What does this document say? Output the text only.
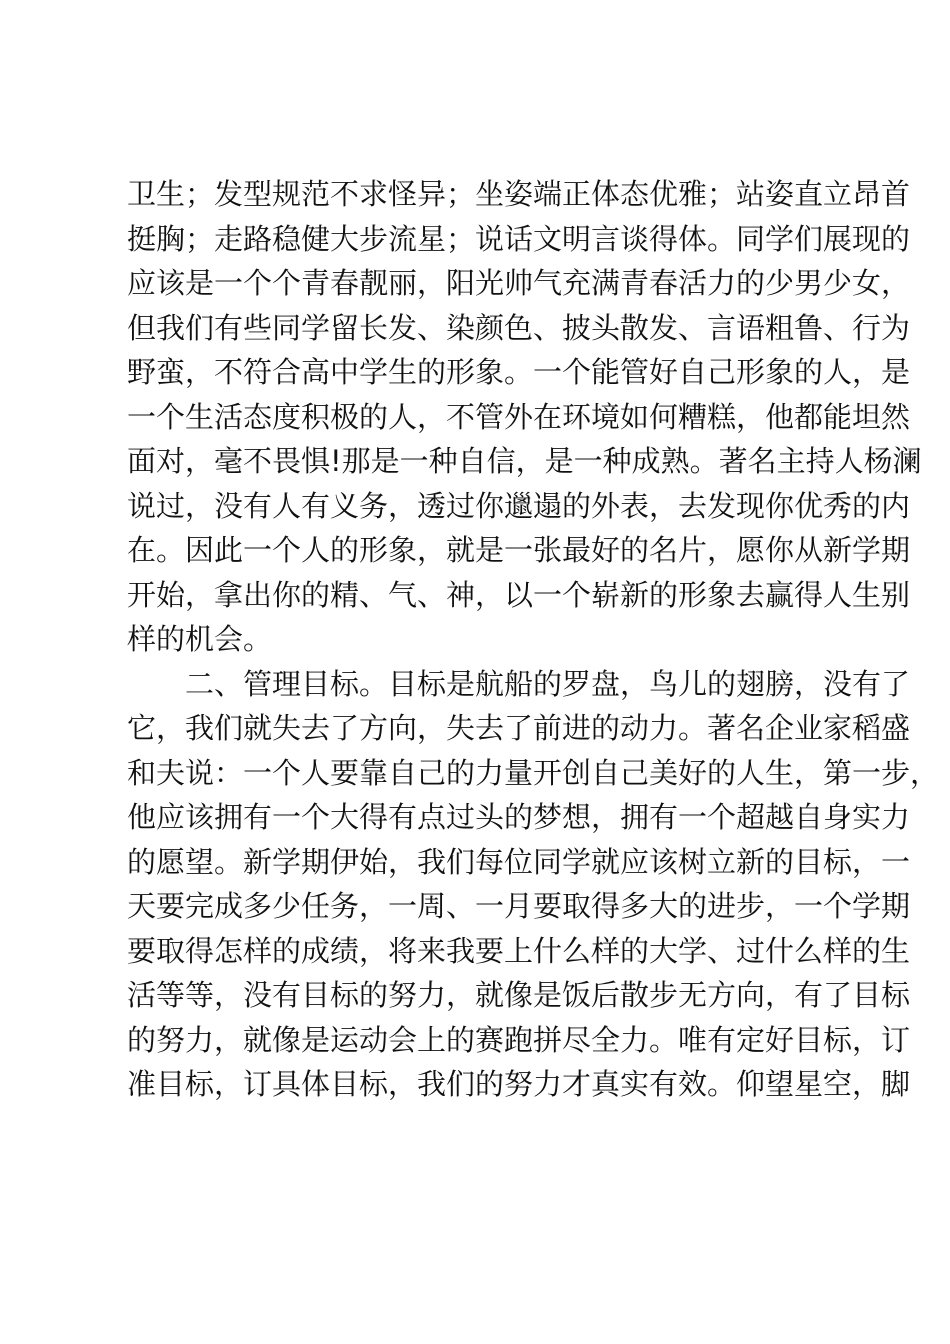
卫生；发型规范不求怪异；坐姿端正体态优雅；站姿直立昂首
挺胸；走路稳健大步流星；说话文明言谈得体。同学们展现的
应该是一个个青春靓丽，阳光帅气充满青春活力的少男少女，
但我们有些同学留长发、染颜色、披头散发、言语粗鲁、行为
野蛮，不符合高中学生的形象。一个能管好自己形象的人，是
一个生活态度积极的人，不管外在环境如何糟糕，他都能坦然
面对，毫不畏惧!那是一种自信，是一种成熟。著名主持人杨澜
说过，没有人有义务，透过你邋遢的外表，去发现你优秀的内
在。因此一个人的形象，就是一张最好的名片，愿你从新学期
开始，拿出你的精、气、神，以一个崭新的形象去赢得人生别
样的机会。
二、管理目标。目标是航船的罗盘，鸟儿的翅膀，没有了
它，我们就失去了方向，失去了前进的动力。著名企业家稻盛
和夫说：一个人要靠自己的力量开创自己美好的人生，第一步，
他应该拥有一个大得有点过头的梦想，拥有一个超越自身实力
的愿望。新学期伊始，我们每位同学就应该树立新的目标，一
天要完成多少任务，一周、一月要取得多大的进步，一个学期
要取得怎样的成绩，将来我要上什么样的大学、过什么样的生
活等等，没有目标的努力，就像是饭后散步无方向，有了目标
的努力，就像是运动会上的赛跑拼尽全力。唯有定好目标，订
准目标，订具体目标，我们的努力才真实有效。仰望星空，脚
